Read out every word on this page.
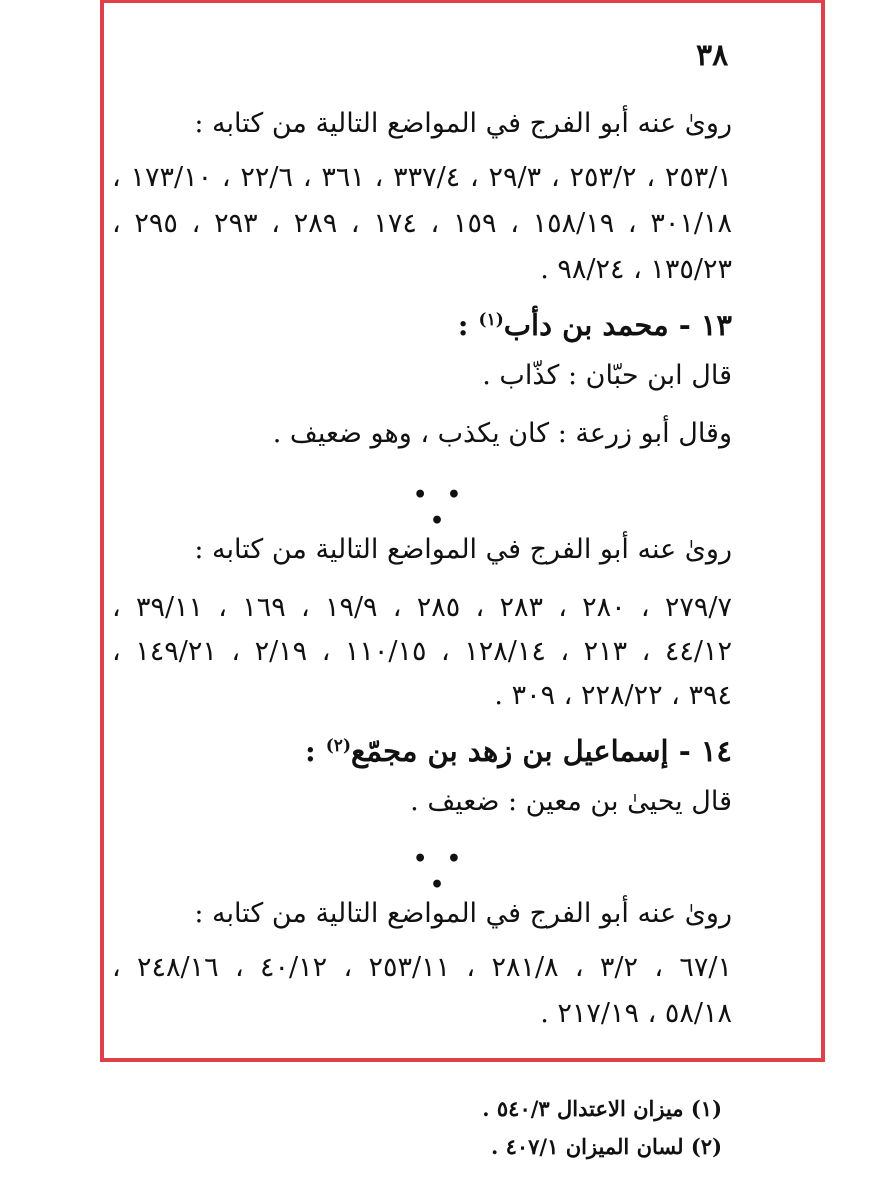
٣٨
روىٰ عنه أبو الفرج في المواضع التالية من كتابه :
٢٥٣/١ ، ٢٥٣/٢ ، ٢٩/٣ ، ٣٣٧/٤ ، ٣٦١ ، ٢٢/٦ ، ١٧٣/١٠ ،
٣٠١/١٨ ، ١٥٨/١٩ ، ١٥٩ ، ١٧٤ ، ٢٨٩ ، ٢٩٣ ، ٢٩٥ ،
١٣٥/٢٣ ، ٩٨/٢٤ .
١٣ - محمد بن دأب$^{(١)}$ :
قال ابن حبّان : كذّاب .
وقال أبو زرعة : كان يكذب ، وهو ضعيف .
• • •
روىٰ عنه أبو الفرج في المواضع التالية من كتابه :
٢٧٩/٧ ، ٢٨٠ ، ٢٨٣ ، ٢٨٥ ، ١٩/٩ ، ١٦٩ ، ٣٩/١١ ،
٤٤/١٢ ، ٢١٣ ، ١٢٨/١٤ ، ١١٠/١٥ ، ٢/١٩ ، ١٤٩/٢١ ،
٣٩٤ ، ٢٢٨/٢٢ ، ٣٠٩ .
١٤ - إسماعيل بن زهد بن مجمّع$^{(٢)}$ :
قال يحيىٰ بن معين : ضعيف .
• • •
روىٰ عنه أبو الفرج في المواضع التالية من كتابه :
٦٧/١ ، ٣/٢ ، ٢٨١/٨ ، ٢٥٣/١١ ، ٤٠/١٢ ، ٢٤٨/١٦ ،
٥٨/١٨ ، ٢١٧/١٩ .
(١) ميزان الاعتدال ٥٤٠/٣ .
(٢) لسان الميزان ٤٠٧/١ .
